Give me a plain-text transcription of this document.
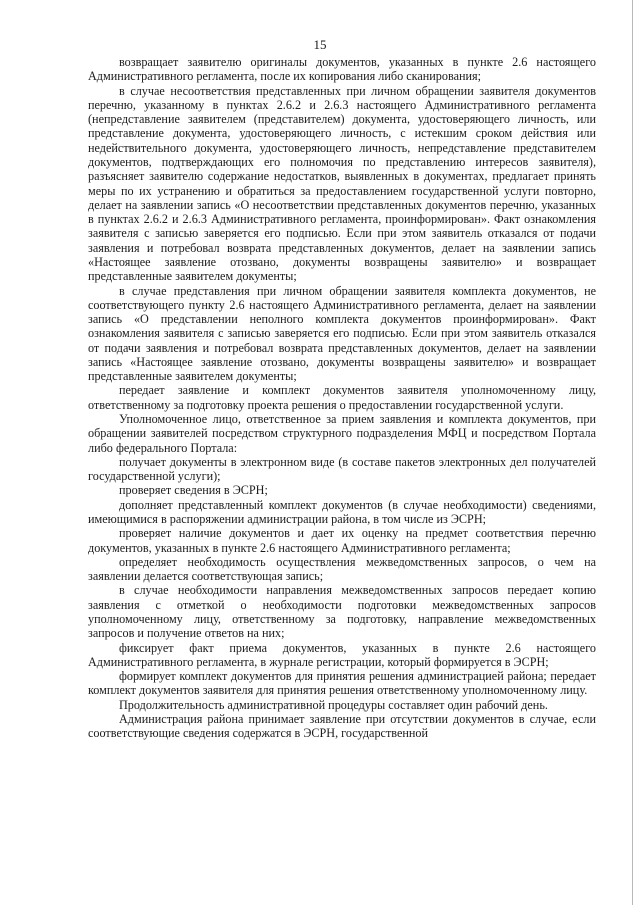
15

возвращает заявителю оригиналы документов, указанных в пункте 2.6 настоящего Административного регламента, после их копирования либо сканирования;

в случае несоответствия представленных при личном обращении заявителя документов перечню, указанному в пунктах 2.6.2 и 2.6.3 настоящего Административного регламента (непредставление заявителем (представителем) документа, удостоверяющего личность, или представление документа, удостоверяющего личность, с истекшим сроком действия или недействительного документа, удостоверяющего личность, непредставление представителем документов, подтверждающих его полномочия по представлению интересов заявителя), разъясняет заявителю содержание недостатков, выявленных в документах, предлагает принять меры по их устранению и обратиться за предоставлением государственной услуги повторно, делает на заявлении запись «О несоответствии представленных документов перечню, указанных в пунктах 2.6.2 и 2.6.3 Административного регламента, проинформирован». Факт ознакомления заявителя с записью заверяется его подписью. Если при этом заявитель отказался от подачи заявления и потребовал возврата представленных документов, делает на заявлении запись «Настоящее заявление отозвано, документы возвращены заявителю» и возвращает представленные заявителем документы;

в случае представления при личном обращении заявителя комплекта документов, не соответствующего пункту 2.6 настоящего Административного регламента, делает на заявлении запись «О представлении неполного комплекта документов проинформирован». Факт ознакомления заявителя с записью заверяется его подписью. Если при этом заявитель отказался от подачи заявления и потребовал возврата представленных документов, делает на заявлении запись «Настоящее заявление отозвано, документы возвращены заявителю» и возвращает представленные заявителем документы;

передает заявление и комплект документов заявителя уполномоченному лицу, ответственному за подготовку проекта решения о предоставлении государственной услуги.

Уполномоченное лицо, ответственное за прием заявления и комплекта документов, при обращении заявителей посредством структурного подразделения МФЦ и посредством Портала либо федерального Портала:

получает документы в электронном виде (в составе пакетов электронных дел получателей государственной услуги);

проверяет сведения в ЭСРН;

дополняет представленный комплект документов (в случае необходимости) сведениями, имеющимися в распоряжении администрации района, в том числе из ЭСРН;

проверяет наличие документов и дает их оценку на предмет соответствия перечню документов, указанных в пункте 2.6 настоящего Административного регламента;

определяет необходимость осуществления межведомственных запросов, о чем на заявлении делается соответствующая запись;

в случае необходимости направления межведомственных запросов передает копию заявления с отметкой о необходимости подготовки межведомственных запросов уполномоченному лицу, ответственному за подготовку, направление межведомственных запросов и получение ответов на них;

фиксирует факт приема документов, указанных в пункте 2.6 настоящего Административного регламента, в журнале регистрации, который формируется в ЭСРН;

формирует комплект документов для принятия решения администрацией района; передает комплект документов заявителя для принятия решения ответственному уполномоченному лицу.

Продолжительность административной процедуры составляет один рабочий день.

Администрация района принимает заявление при отсутствии документов в случае, если соответствующие сведения содержатся в ЭСРН, государственной
